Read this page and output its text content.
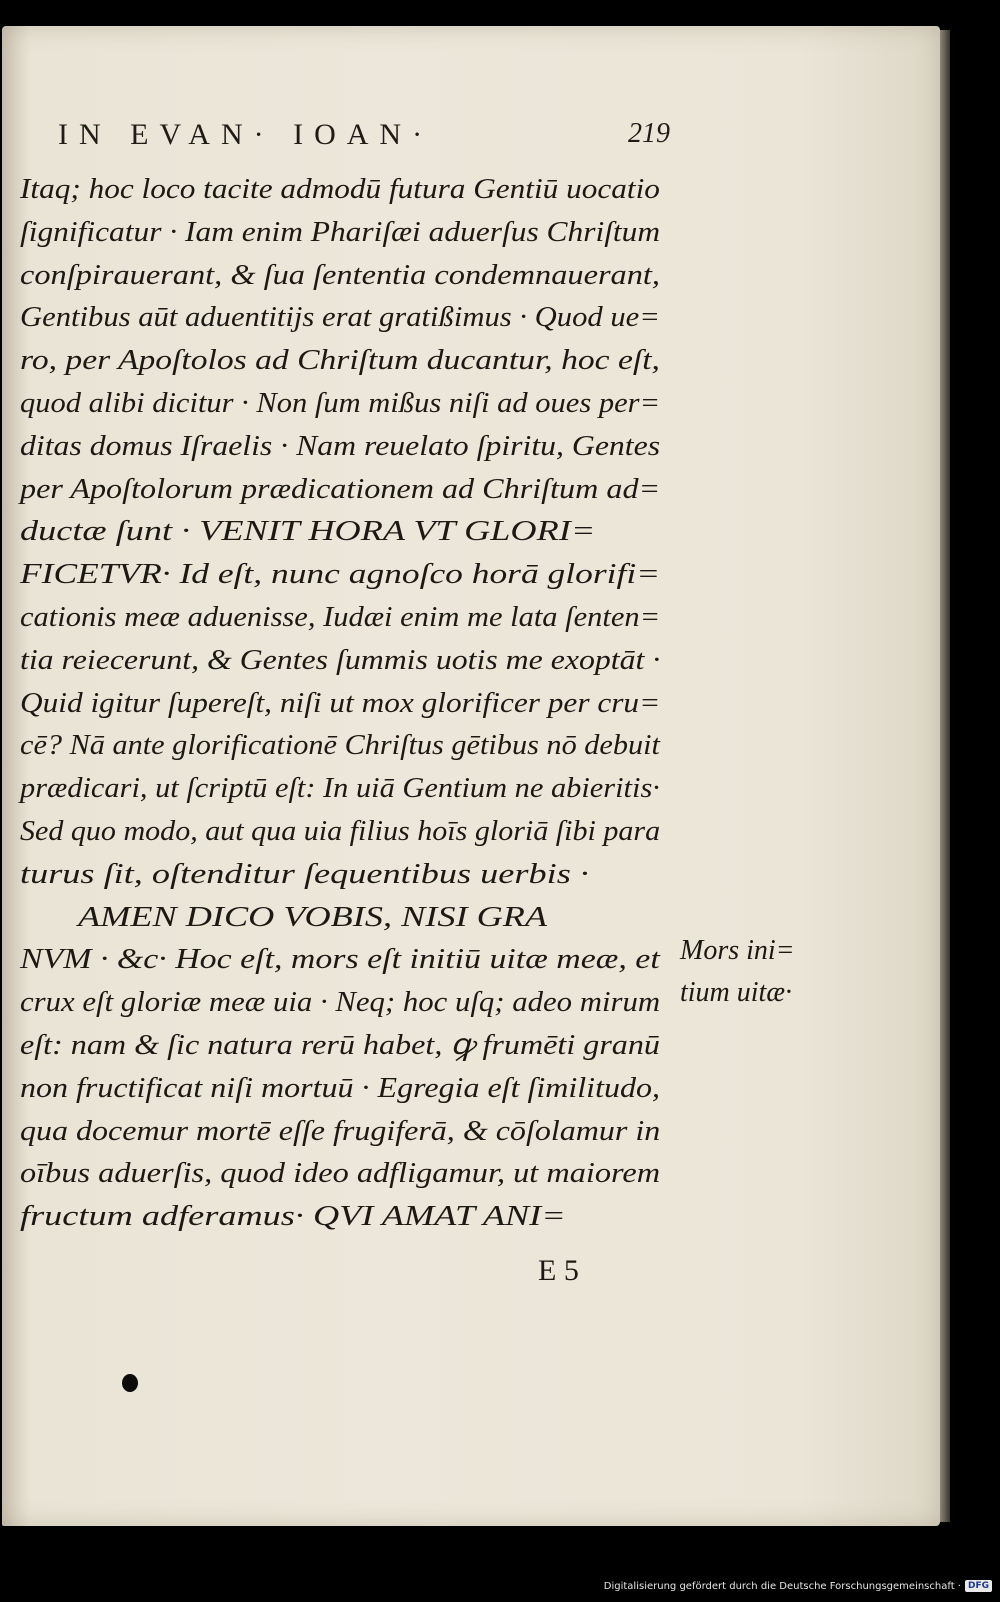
IN EVAN· IOAN·	219
Itaq; hoc loco tacite admodū futura Gentiū uocatio
ſignificatur · Iam enim Phariſæi aduerſus Chriſtum
conſpirauerant, & ſua ſententia condemnauerant,
Gentibus aūt aduentitijs erat gratißimus · Quod ue=
ro, per Apoſtolos ad Chriſtum ducantur, hoc eſt,
quod alibi dicitur · Non ſum mißus niſi ad oues per=
ditas domus Iſraelis · Nam reuelato ſpiritu, Gentes
per Apoſtolorum prædicationem ad Chriſtum ad=
ductæ ſunt · VENIT HORA VT GLORI=
FICETVR· Id eſt, nunc agnoſco horā glorifi=
cationis meæ aduenisse, Iudæi enim me lata ſenten=
tia reiecerunt, & Gentes ſummis uotis me exoptāt ·
Quid igitur ſupereſt, niſi ut mox glorificer per cru=
cē? Nā ante glorificationē Chriſtus gētibus nō debuit
prædicari, ut ſcriptū eſt: In uiā Gentium ne abieritis·
Sed quo modo, aut qua uia filius hoīs gloriā ſibi para
turus ſit, oſtenditur ſequentibus uerbis ·
AMEN DICO VOBIS, NISI GRA
NVM · &c· Hoc eſt, mors eſt initiū uitæ meæ, et
crux eſt gloriæ meæ uia · Neq; hoc uſq; adeo mirum
eſt: nam & ſic natura rerū habet, ꝙ frumēti granū
non fructificat niſi mortuū · Egregia eſt ſimilitudo,
qua docemur mortē eſſe frugiferā, & cōſolamur in
oībus aduerſis, quod ideo adfligamur, ut maiorem
fructum adferamus· QVI AMAT ANI=
Mors ini=
tium uitæ·
E 5
Digitalisierung gefördert durch die Deutsche Forschungsgemeinschaft · DFG
